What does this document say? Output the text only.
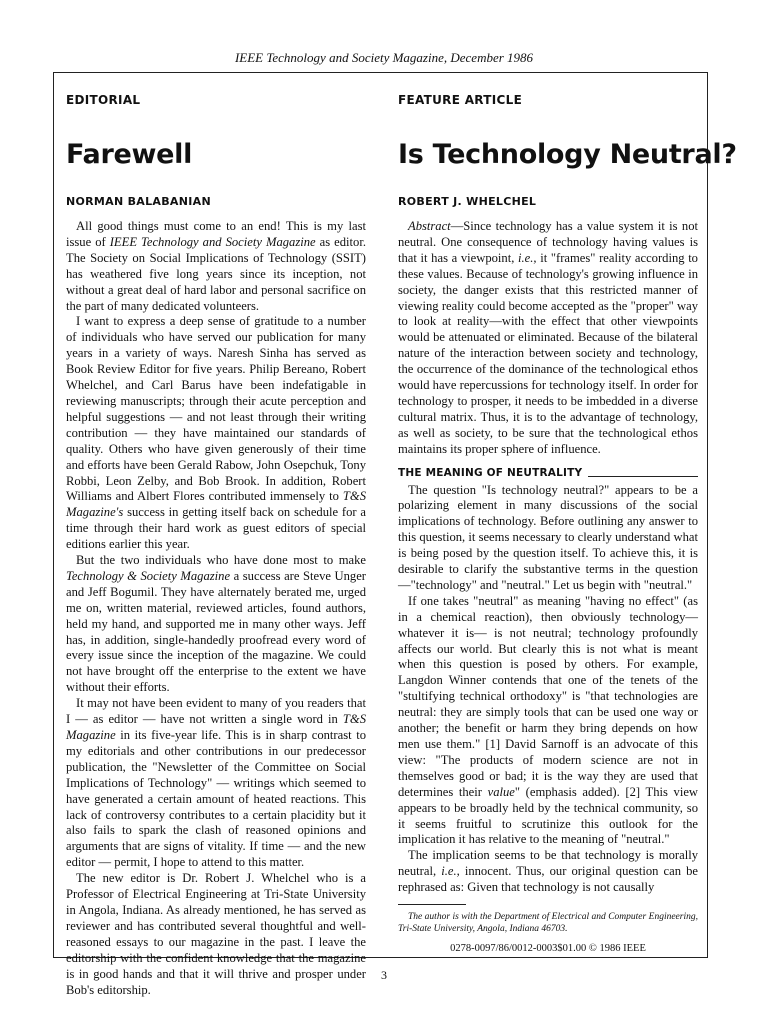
IEEE Technology and Society Magazine, December 1986
EDITORIAL
Farewell
NORMAN BALABANIAN

All good things must come to an end! This is my last issue of IEEE Technology and Society Magazine as editor. The Society on Social Implications of Technology (SSIT) has weathered five long years since its inception, not without a great deal of hard labor and personal sacrifice on the part of many dedicated volunteers.

I want to express a deep sense of gratitude to a number of individuals who have served our publication for many years in a variety of ways. Naresh Sinha has served as Book Review Editor for five years. Philip Bereano, Robert Whelchel, and Carl Barus have been indefatigable in reviewing manuscripts; through their acute perception and helpful suggestions — and not least through their writing contribution — they have maintained our standards of quality. Others who have given generously of their time and efforts have been Gerald Rabow, John Osepchuk, Tony Robbi, Leon Zelby, and Bob Brook. In addition, Robert Williams and Albert Flores contributed immensely to T&S Magazine's success in getting itself back on schedule for a time through their hard work as guest editors of special editions earlier this year.

But the two individuals who have done most to make Technology & Society Magazine a success are Steve Unger and Jeff Bogumil. They have alternately berated me, urged me on, written material, reviewed articles, found authors, held my hand, and supported me in many other ways. Jeff has, in addition, single-handedly proofread every word of every issue since the inception of the magazine. We could not have brought off the enterprise to the extent we have without their efforts.

It may not have been evident to many of you readers that I — as editor — have not written a single word in T&S Magazine in its five-year life. This is in sharp contrast to my editorials and other contributions in our predecessor publication, the "Newsletter of the Committee on Social Implications of Technology" — writings which seemed to have generated a certain amount of heated reactions. This lack of controversy contributes to a certain placidity but it also fails to spark the clash of reasoned opinions and arguments that are signs of vitality. If time — and the new editor — permit, I hope to attend to this matter.

The new editor is Dr. Robert J. Whelchel who is a Professor of Electrical Engineering at Tri-State University in Angola, Indiana. As already mentioned, he has served as reviewer and has contributed several thoughtful and well-reasoned essays to our magazine in the past. I leave the editorship with the confident knowledge that the magazine is in good hands and that it will thrive and prosper under Bob's editorship.

FEATURE ARTICLE
Is Technology Neutral?
ROBERT J. WHELCHEL

Abstract—Since technology has a value system it is not neutral. One consequence of technology having values is that it has a viewpoint, i.e., it "frames" reality according to these values. Because of technology's growing influence in society, the danger exists that this restricted manner of viewing reality could become accepted as the "proper" way to look at reality—with the effect that other viewpoints would be attenuated or eliminated. Because of the bilateral nature of the interaction between society and technology, the occurrence of the dominance of the technological ethos would have repercussions for technology itself. In order for technology to prosper, it needs to be imbedded in a diverse cultural matrix. Thus, it is to the advantage of technology, as well as society, to be sure that the technological ethos maintains its proper sphere of influence.

THE MEANING OF NEUTRALITY

The question "Is technology neutral?" appears to be a polarizing element in many discussions of the social implications of technology. Before outlining any answer to this question, it seems necessary to clearly understand what is being posed by the question itself. To achieve this, it is desirable to clarify the substantive terms in the question—"technology" and "neutral." Let us begin with "neutral."

If one takes "neutral" as meaning "having no effect" (as in a chemical reaction), then obviously technology—whatever it is— is not neutral; technology profoundly affects our world. But clearly this is not what is meant when this question is posed by others. For example, Langdon Winner contends that one of the tenets of the "stultifying technical orthodoxy" is "that technologies are neutral: they are simply tools that can be used one way or another; the benefit or harm they bring depends on how men use them." [1] David Sarnoff is an advocate of this view: "The products of modern science are not in themselves good or bad; it is the way they are used that determines their value" (emphasis added). [2] This view appears to be broadly held by the technical community, so it seems fruitful to scrutinize this outlook for the implication it has relative to the meaning of "neutral."

The implication seems to be that technology is morally neutral, i.e., innocent. Thus, our original question can be rephrased as: Given that technology is not causally

The author is with the Department of Electrical and Computer Engineering, Tri-State University, Angola, Indiana 46703.
0278-0097/86/0012-0003$01.00 © 1986 IEEE
3
